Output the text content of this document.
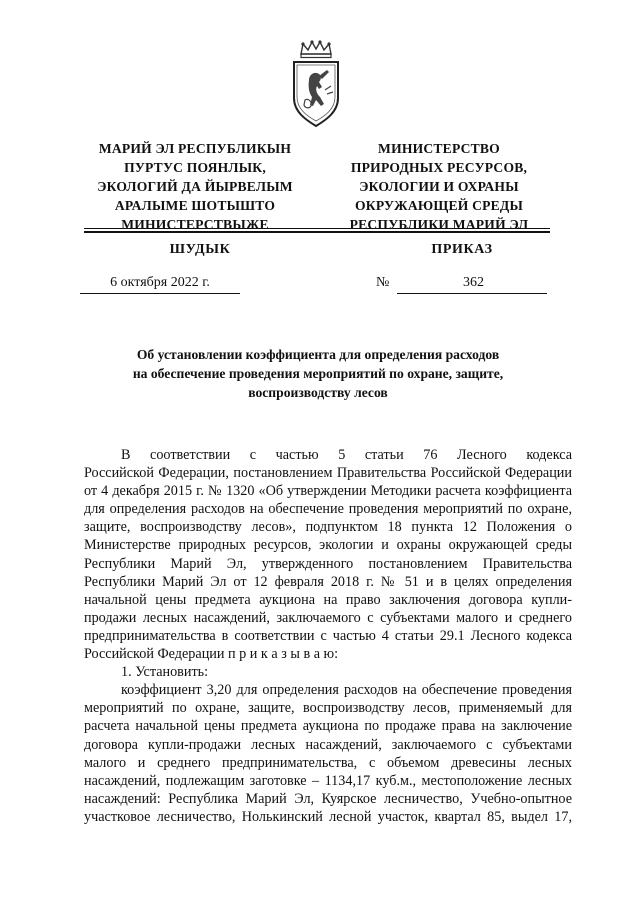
МАРИЙ ЭЛ РЕСПУБЛИКЫН
ПУРТУС ПОЯНЛЫК,
ЭКОЛОГИЙ ДА ЙЫРВЕЛЫМ
АРАЛЫМЕ ШОТЫШТО
МИНИСТЕРСТВЫЖЕ
МИНИСТЕРСТВО
ПРИРОДНЫХ РЕСУРСОВ,
ЭКОЛОГИИ И ОХРАНЫ
ОКРУЖАЮЩЕЙ СРЕДЫ
РЕСПУБЛИКИ МАРИЙ ЭЛ
ШУДЫК	ПРИКАЗ
6 октября 2022 г.	№	362
Об установлении коэффициента для определения расходов
на обеспечение проведения мероприятий по охране, защите,
воспроизводству лесов
В соответствии с частью 5 статьи 76 Лесного кодекса
Российской Федерации, постановлением Правительства Российской Федерации
от 4 декабря 2015 г. № 1320 «Об утверждении Методики расчета коэффициента
для определения расходов на обеспечение проведения мероприятий по охране,
защите, воспроизводству лесов», подпунктом 18 пункта 12 Положения о
Министерстве природных ресурсов, экологии и охраны окружающей среды
Республики Марий Эл, утвержденного постановлением Правительства
Республики Марий Эл от 12 февраля 2018 г. № 51 и в целях определения
начальной цены предмета аукциона на право заключения договора купли-
продажи лесных насаждений, заключаемого с субъектами малого и среднего
предпринимательства в соответствии с частью 4 статьи 29.1 Лесного кодекса
Российской Федерации п р и к а з ы в а ю:
1. Установить:
коэффициент 3,20 для определения расходов на обеспечение проведения
мероприятий по охране, защите, воспроизводству лесов, применяемый для
расчета начальной цены предмета аукциона по продаже права на заключение
договора купли-продажи лесных насаждений, заключаемого с субъектами
малого и среднего предпринимательства, с объемом древесины лесных
насаждений, подлежащим заготовке – 1134,17 куб.м., местоположение лесных
насаждений: Республика Марий Эл, Куярское лесничество, Учебно-опытное
участковое лесничество, Нолькинский лесной участок, квартал 85, выдел 17,
